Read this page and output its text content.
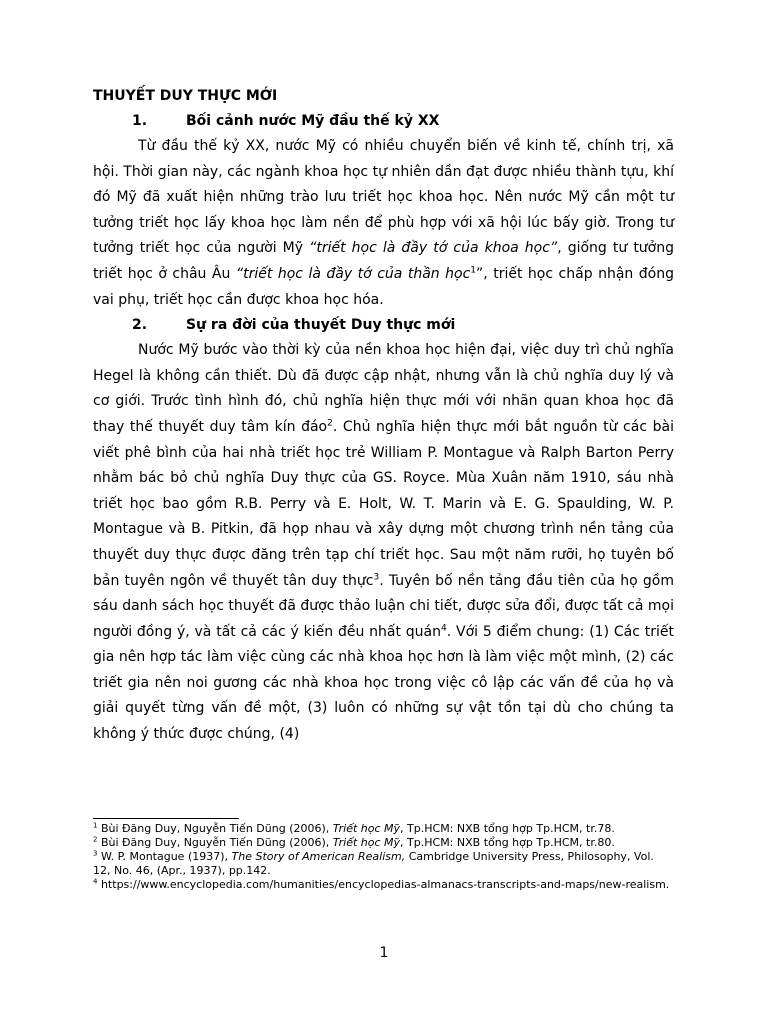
THUYẾT DUY THỰC MỚI

1.	Bối cảnh nước Mỹ đầu thế kỷ XX

Từ đầu thế kỷ XX, nước Mỹ có nhiều chuyển biến về kinh tế, chính trị, xã hội. Thời gian này, các ngành khoa học tự nhiên dần đạt được nhiều thành tựu, khí đó Mỹ đã xuất hiện những trào lưu triết học khoa học. Nên nước Mỹ cần một tư tưởng triết học lấy khoa học làm nền để phù hợp với xã hội lúc bấy giờ. Trong tư tưởng triết học của người Mỹ “triết học là đầy tớ của khoa học”, giống tư tưởng triết học ở châu Âu “triết học là đầy tớ của thần học$^1$”, triết học chấp nhận đóng vai phụ, triết học cần được khoa học hóa.

2.	Sự ra đời của thuyết Duy thực mới

Nước Mỹ bước vào thời kỳ của nền khoa học hiện đại, việc duy trì chủ nghĩa Hegel là không cần thiết. Dù đã được cập nhật, nhưng vẫn là chủ nghĩa duy lý và cơ giới. Trước tình hình đó, chủ nghĩa hiện thực mới với nhãn quan khoa học đã thay thế thuyết duy tâm kín đáo$^2$. Chủ nghĩa hiện thực mới bắt nguồn từ các bài viết phê bình của hai nhà triết học trẻ William P. Montague và Ralph Barton Perry nhằm bác bỏ chủ nghĩa Duy thực của GS. Royce. Mùa Xuân năm 1910, sáu nhà triết học bao gồm R.B. Perry và E. Holt, W. T. Marin và E. G. Spaulding, W. P. Montague và B. Pitkin, đã họp nhau và xây dựng một chương trình nền tảng của thuyết duy thực được đăng trên tạp chí triết học. Sau một năm rưỡi, họ tuyên bố bản tuyên ngôn về thuyết tân duy thực$^3$. Tuyên bố nền tảng đầu tiên của họ gồm sáu danh sách học thuyết đã được thảo luận chi tiết, được sửa đổi, được tất cả mọi người đồng ý, và tất cả các ý kiến đều nhất quán$^4$. Với 5 điểm chung: (1) Các triết gia nên hợp tác làm việc cùng các nhà khoa học hơn là làm việc một mình, (2) các triết gia nên noi gương các nhà khoa học trong việc cô lập các vấn đề của họ và giải quyết từng vấn đề một, (3) luôn có những sự vật tồn tại dù cho chúng ta không ý thức được chúng, (4)

$^1$ Bùi Đăng Duy, Nguyễn Tiến Dũng (2006), Triết học Mỹ, Tp.HCM: NXB tổng hợp Tp.HCM, tr.78.

$^2$ Bùi Đăng Duy, Nguyễn Tiến Dũng (2006), Triết học Mỹ, Tp.HCM: NXB tổng hợp Tp.HCM, tr.80.

$^3$ W. P. Montague (1937), The Story of American Realism, Cambridge University Press, Philosophy, Vol. 12, No. 46, (Apr., 1937), pp.142.

$^4$ https://www.encyclopedia.com/humanities/encyclopedias-almanacs-transcripts-and-maps/new-realism.

1
